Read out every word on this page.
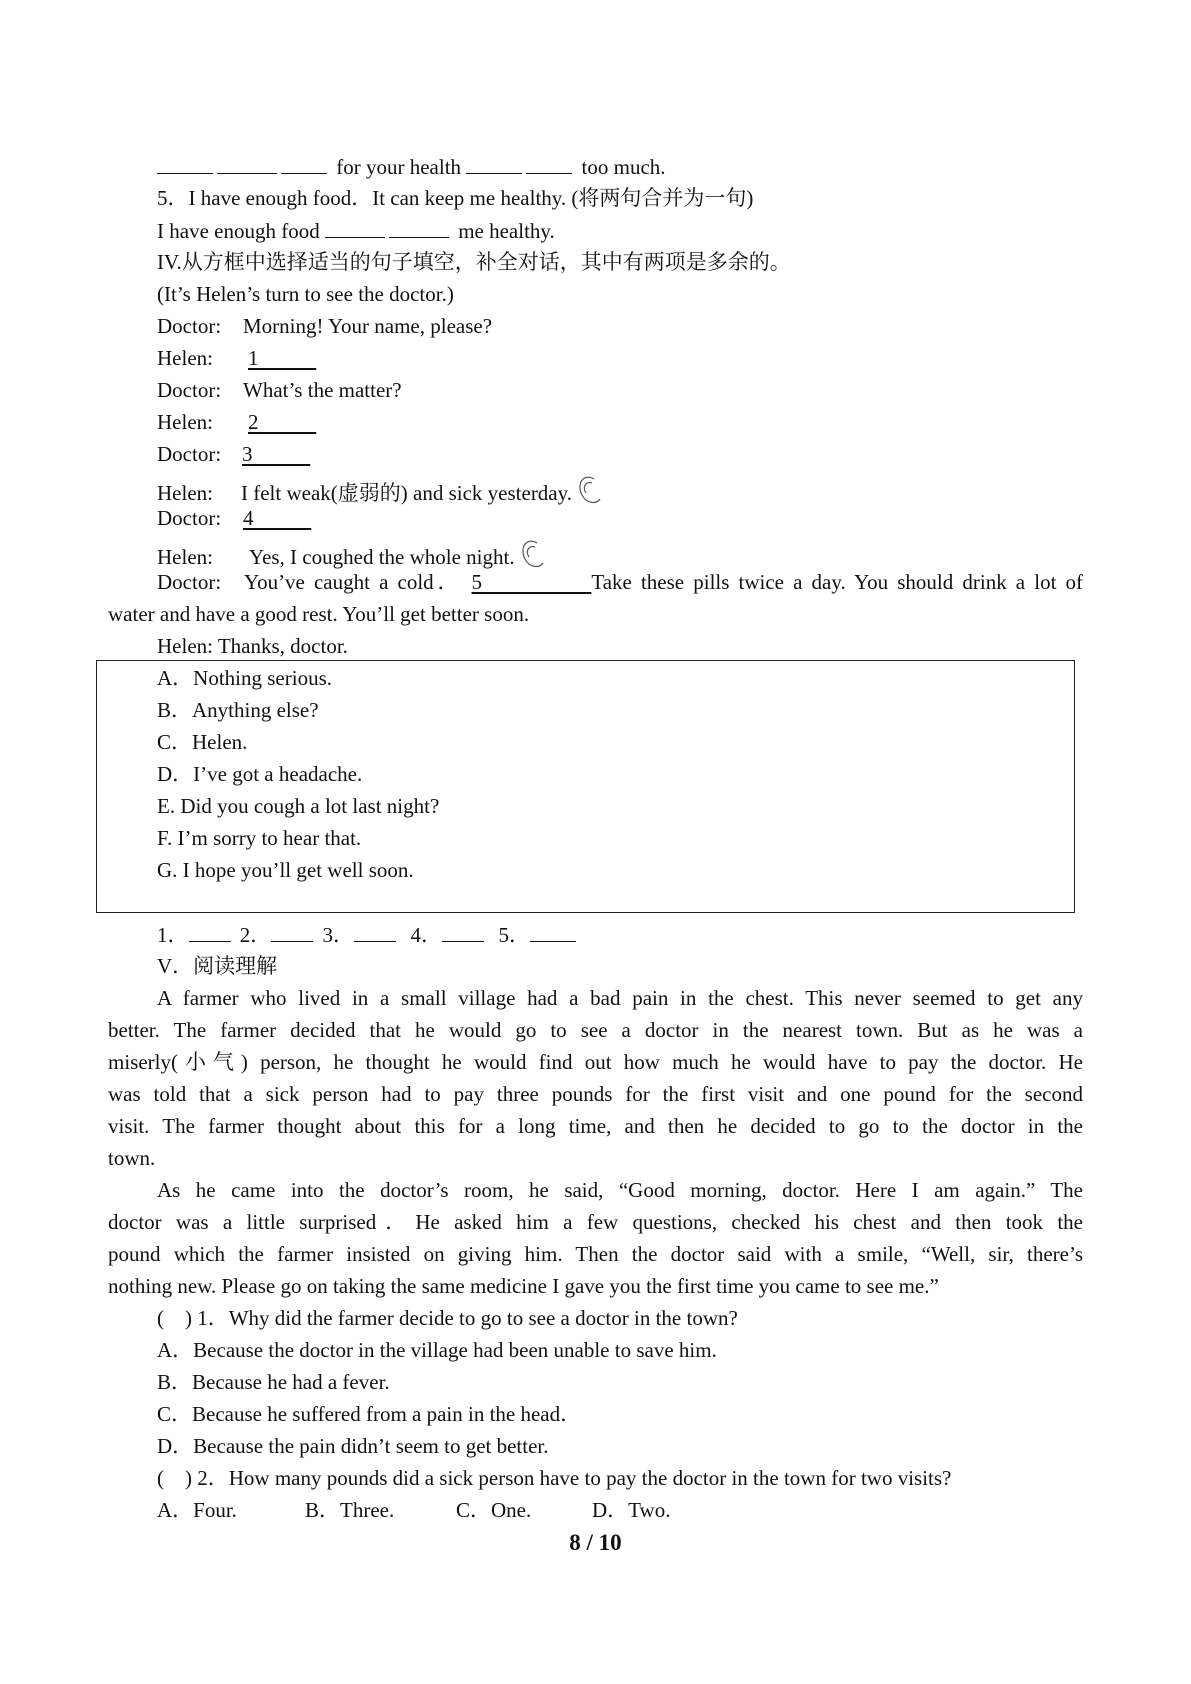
for your health	too much.
5．I have enough food．It can keep me healthy. (将两句合并为一句)
I have enough food	me healthy.
IV.从方框中选择适当的句子填空，补全对话，其中有两项是多余的。
(It’s Helen’s turn to see the doctor.)
Doctor: Morning! Your name, please?
Helen: 1
Doctor: What’s the matter?
Helen: 2
Doctor: 3
Helen: I felt weak(虚弱的) and sick yesterday.
Doctor: 4
Helen: Yes, I coughed the whole night.
Doctor: You’ve caught a cold． 5	Take these pills twice a day. You should drink a lot of
water and have a good rest. You’ll get better soon.
Helen: Thanks, doctor.
A．Nothing serious.
B．Anything else?
C．Helen.
D．I’ve got a headache.
E. Did you cough a lot last night?
F. I’m sorry to hear that.
G. I hope you’ll get well soon.
1． 2． 3．	4．	5．
V．阅读理解
A farmer who lived in a small village had a bad pain in the chest. This never seemed to get any
better. The farmer decided that he would go to see a doctor in the nearest town. But as he was a
miserly(小气) person, he thought he would find out how much he would have to pay the doctor. He
was told that a sick person had to pay three pounds for the first visit and one pound for the second
visit. The farmer thought about this for a long time, and then he decided to go to the doctor in the
town.
As he came into the doctor’s room, he said, “Good morning, doctor. Here I am again.” The
doctor was a little surprised．He asked him a few questions, checked his chest and then took the
pound which the farmer insisted on giving him. Then the doctor said with a smile, “Well, sir, there’s
nothing new. Please go on taking the same medicine I gave you the first time you came to see me.”
(　) 1．Why did the farmer decide to go to see a doctor in the town?
A．Because the doctor in the village had been unable to save him.
B．Because he had a fever.
C．Because he suffered from a pain in the head．
D．Because the pain didn’t seem to get better.
(　) 2．How many pounds did a sick person have to pay the doctor in the town for two visits?
A．Four.	B．Three.	C．One.	D．Two.
8 / 10
